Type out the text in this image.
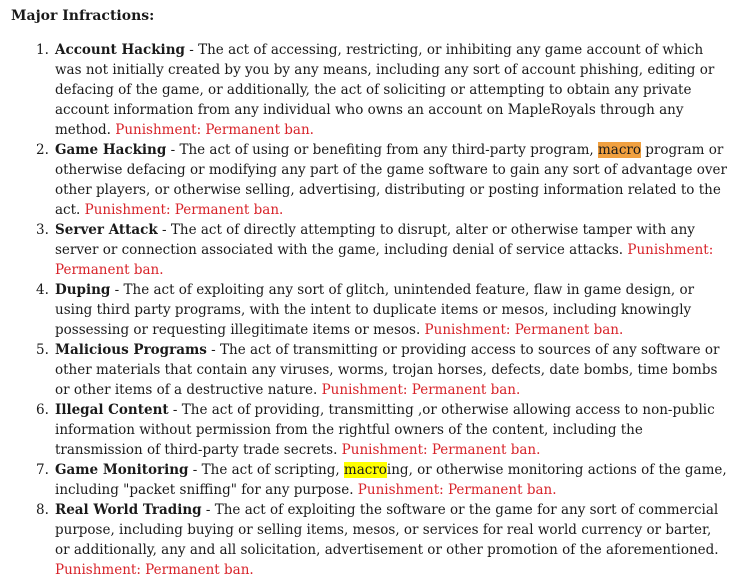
Major Infractions:
1. Account Hacking - The act of accessing, restricting, or inhibiting any game account of which was not initially created by you by any means, including any sort of account phishing, editing or defacing of the game, or additionally, the act of soliciting or attempting to obtain any private account information from any individual who owns an account on MapleRoyals through any method. Punishment: Permanent ban.
2. Game Hacking - The act of using or benefiting from any third-party program, macro program or otherwise defacing or modifying any part of the game software to gain any sort of advantage over other players, or otherwise selling, advertising, distributing or posting information related to the act. Punishment: Permanent ban.
3. Server Attack - The act of directly attempting to disrupt, alter or otherwise tamper with any server or connection associated with the game, including denial of service attacks. Punishment: Permanent ban.
4. Duping - The act of exploiting any sort of glitch, unintended feature, flaw in game design, or using third party programs, with the intent to duplicate items or mesos, including knowingly possessing or requesting illegitimate items or mesos. Punishment: Permanent ban.
5. Malicious Programs - The act of transmitting or providing access to sources of any software or other materials that contain any viruses, worms, trojan horses, defects, date bombs, time bombs or other items of a destructive nature. Punishment: Permanent ban.
6. Illegal Content - The act of providing, transmitting ,or otherwise allowing access to non-public information without permission from the rightful owners of the content, including the transmission of third-party trade secrets. Punishment: Permanent ban.
7. Game Monitoring - The act of scripting, macroing, or otherwise monitoring actions of the game, including "packet sniffing" for any purpose. Punishment: Permanent ban.
8. Real World Trading - The act of exploiting the software or the game for any sort of commercial purpose, including buying or selling items, mesos, or services for real world currency or barter, or additionally, any and all solicitation, advertisement or other promotion of the aforementioned. Punishment: Permanent ban.
